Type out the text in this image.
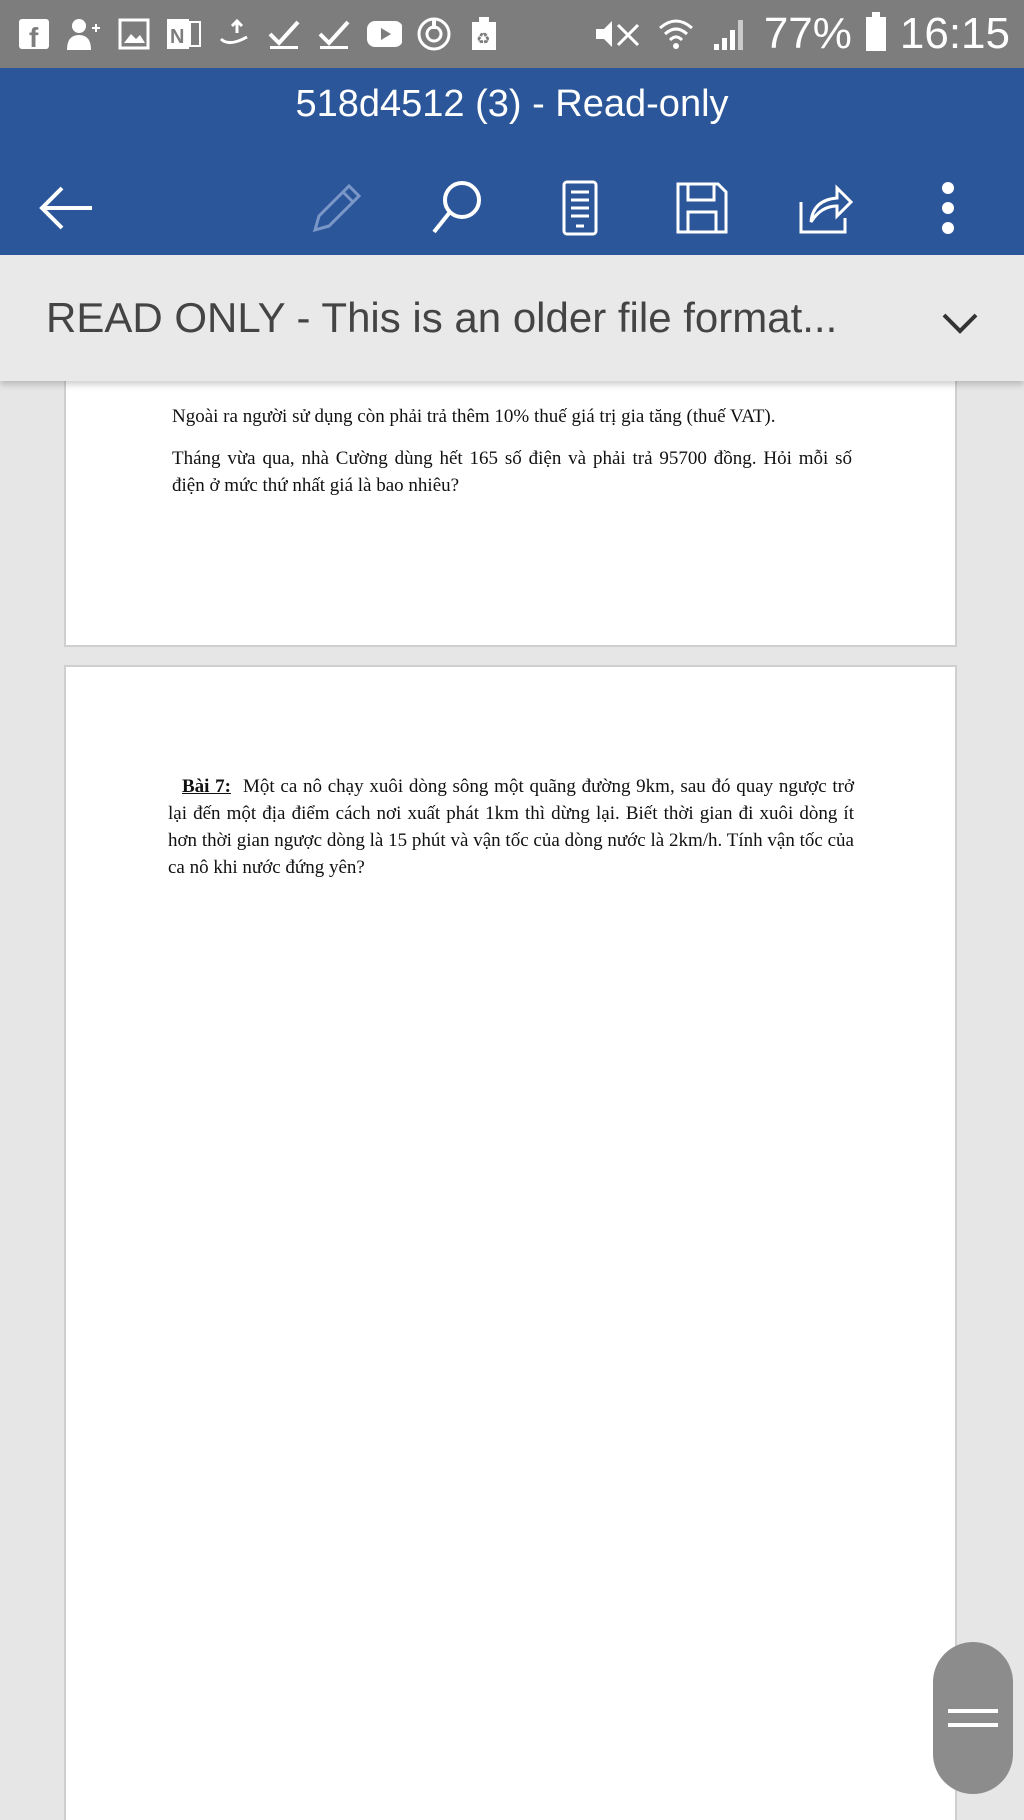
f	N	♻	77% 16:15
518d4512 (3) - Read-only
READ ONLY - This is an older file format...
Ngoài ra người sử dụng còn phải trả thêm 10% thuế giá trị gia tăng (thuế VAT).
Tháng vừa qua, nhà Cường dùng hết 165 số điện và phải trả 95700 đồng. Hỏi mỗi số điện ở mức thứ nhất giá là bao nhiêu?
Bài 7: Một ca nô chạy xuôi dòng sông một quãng đường 9km, sau đó quay ngược trở lại đến một địa điểm cách nơi xuất phát 1km thì dừng lại. Biết thời gian đi xuôi dòng ít hơn thời gian ngược dòng là 15 phút và vận tốc của dòng nước là 2km/h. Tính vận tốc của ca nô khi nước đứng yên?
